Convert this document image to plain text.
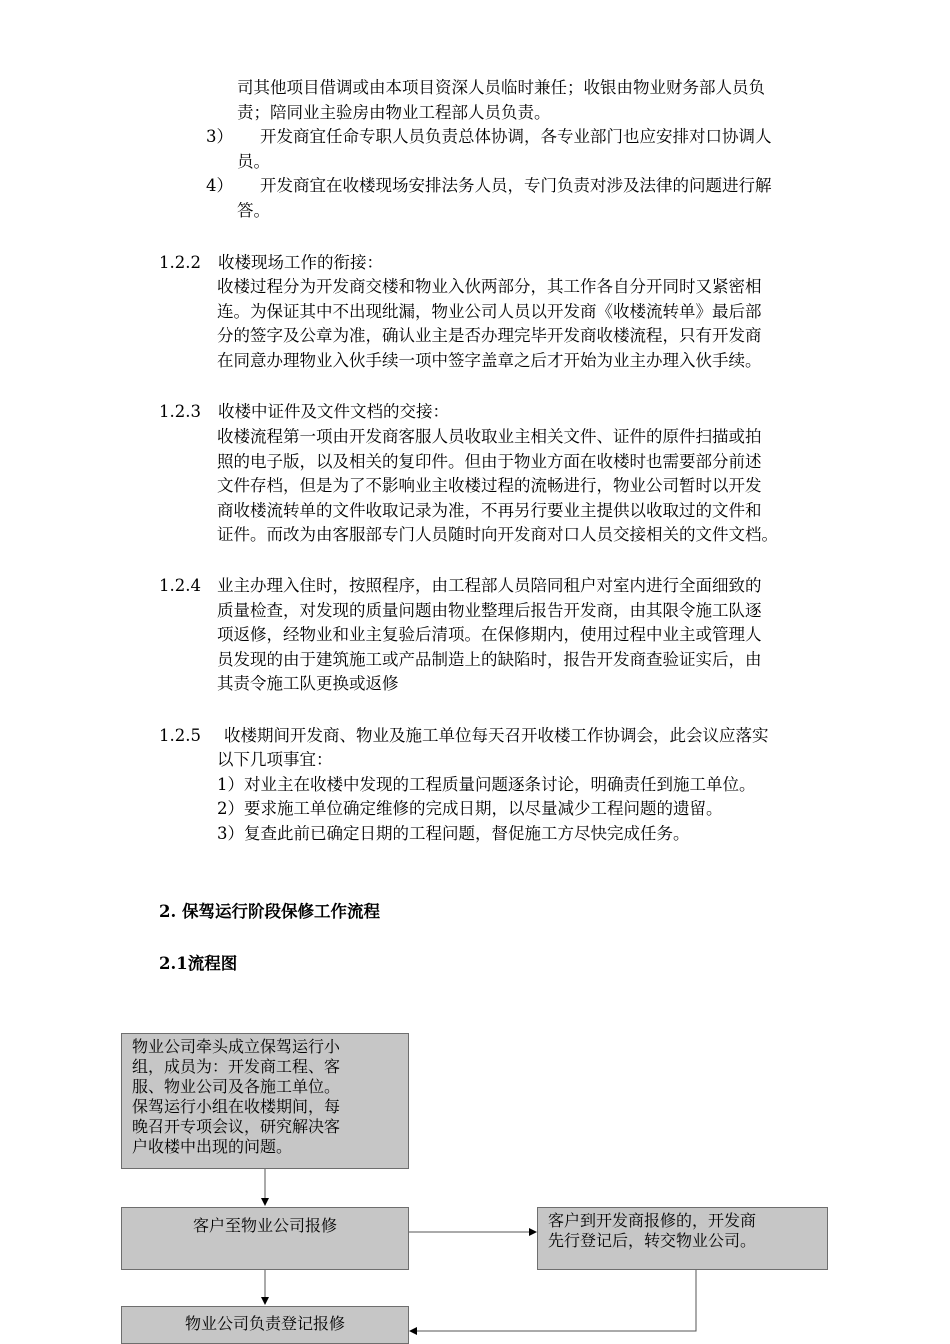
司其他项目借调或由本项目资深人员临时兼任；收银由物业财务部人员负

责；陪同业主验房由物业工程部人员负责。

3）	开发商宜任命专职人员负责总体协调，各专业部门也应安排对口协调人

员。

4）	开发商宜在收楼现场安排法务人员，专门负责对涉及法律的问题进行解

答。

1.2.2 收楼现场工作的衔接：

收楼过程分为开发商交楼和物业入伙两部分，其工作各自分开同时又紧密相

连。为保证其中不出现纰漏，物业公司人员以开发商《收楼流转单》最后部

分的签字及公章为准，确认业主是否办理完毕开发商收楼流程，只有开发商

在同意办理物业入伙手续一项中签字盖章之后才开始为业主办理入伙手续。

1.2.3 收楼中证件及文件文档的交接：

收楼流程第一项由开发商客服人员收取业主相关文件、证件的原件扫描或拍

照的电子版，以及相关的复印件。但由于物业方面在收楼时也需要部分前述

文件存档，但是为了不影响业主收楼过程的流畅进行，物业公司暂时以开发

商收楼流转单的文件收取记录为准，不再另行要业主提供以收取过的文件和

证件。而改为由客服部专门人员随时向开发商对口人员交接相关的文件文档。

1.2.4 业主办理入住时，按照程序，由工程部人员陪同租户对室内进行全面细致的

质量检查，对发现的质量问题由物业整理后报告开发商，由其限令施工队逐

项返修，经物业和业主复验后清项。在保修期内，使用过程中业主或管理人

员发现的由于建筑施工或产品制造上的缺陷时，报告开发商查验证实后，由

其责令施工队更换或返修

1.2.5 收楼期间开发商、物业及施工单位每天召开收楼工作协调会，此会议应落实

以下几项事宜：

1）对业主在收楼中发现的工程质量问题逐条讨论，明确责任到施工单位。

2）要求施工单位确定维修的完成日期，以尽量减少工程问题的遗留。

3）复查此前已确定日期的工程问题，督促施工方尽快完成任务。

2. 保驾运行阶段保修工作流程
2.1流程图
物业公司牵头成立保驾运行小
组，成员为：开发商工程、客
服、物业公司及各施工单位。
保驾运行小组在收楼期间，每
晚召开专项会议，研究解决客
户收楼中出现的问题。
客户至物业公司报修	客户到开发商报修的，开发商
先行登记后，转交物业公司。
物业公司负责登记报修
